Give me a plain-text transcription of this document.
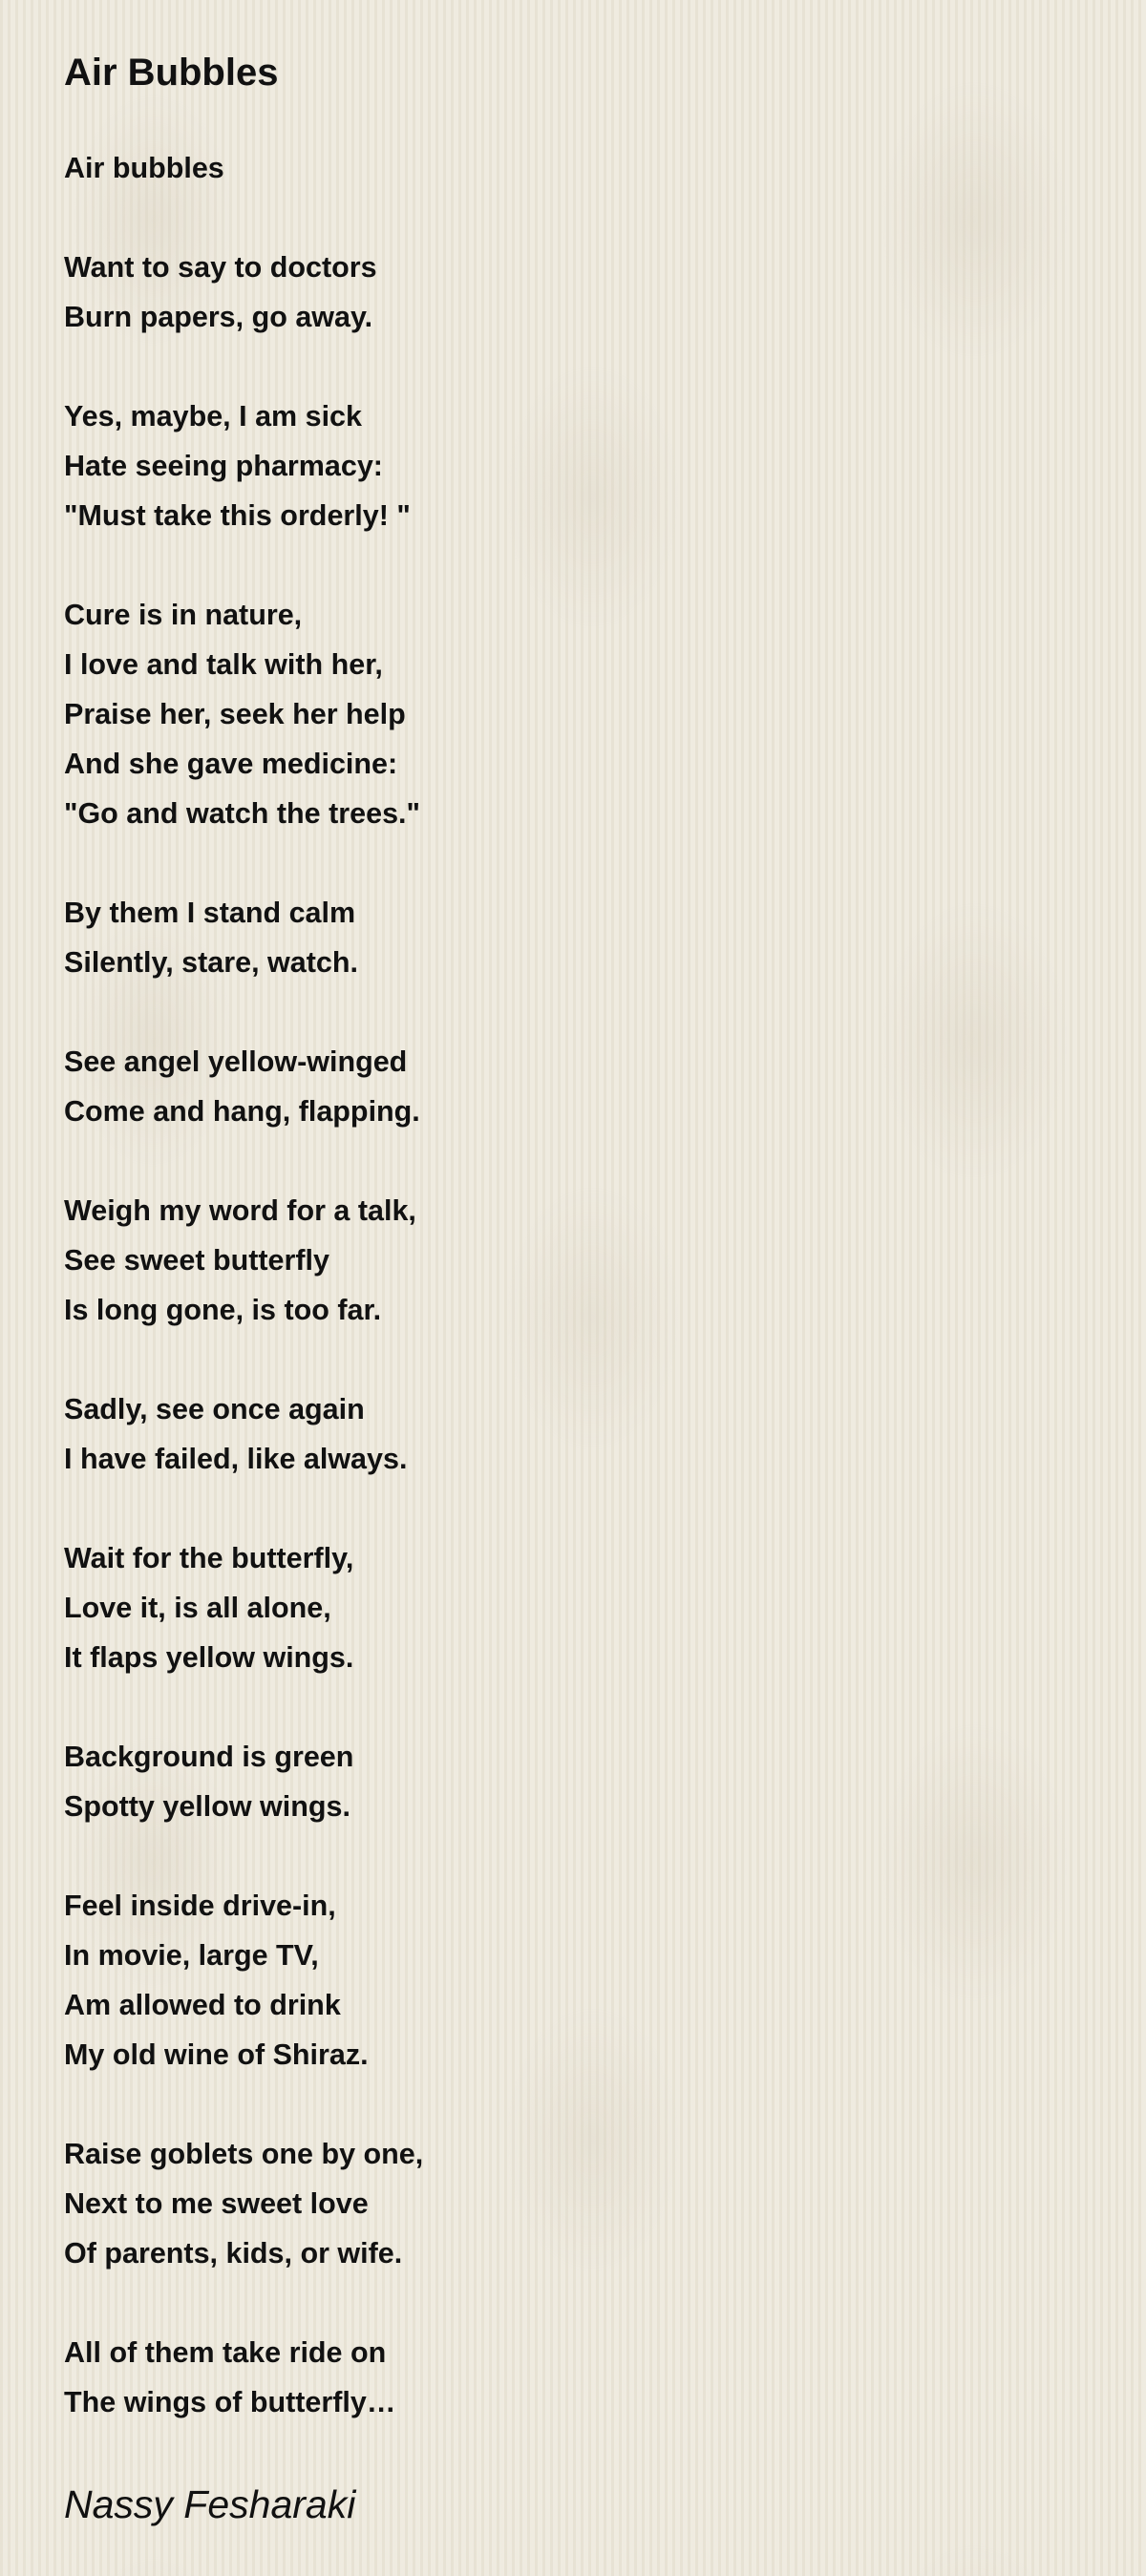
Air Bubbles
Air bubbles
Want to say to doctors
Burn papers, go away.
Yes, maybe, I am sick
Hate seeing pharmacy:
"Must take this orderly! "
Cure is in nature,
I love and talk with her,
Praise her, seek her help
And she gave medicine:
"Go and watch the trees."
By them I stand calm
Silently, stare, watch.
See angel yellow-winged
Come and hang, flapping.
Weigh my word for a talk,
See sweet butterfly
Is long gone, is too far.
Sadly, see once again
I have failed, like always.
Wait for the butterfly,
Love it, is all alone,
It flaps yellow wings.
Background is green
Spotty yellow wings.
Feel inside drive-in,
In movie, large TV,
Am allowed to drink
My old wine of Shiraz.
Raise goblets one by one,
Next to me sweet love
Of parents, kids, or wife.
All of them take ride on
The wings of butterfly…
Nassy Fesharaki
